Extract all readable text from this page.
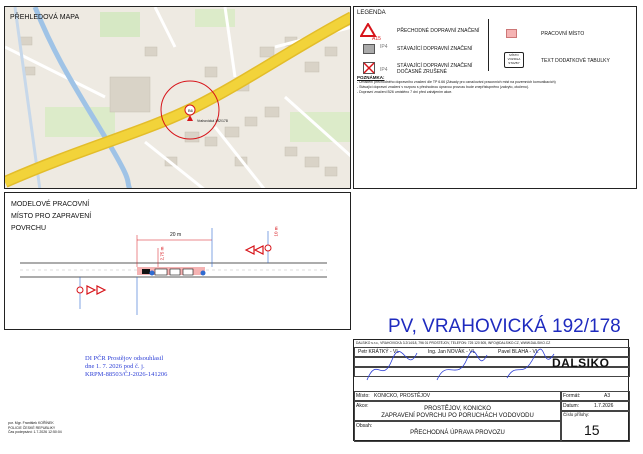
PŘEHLEDOVÁ MAPA
B6
Vrahovická 192/178
LEGENDA
A15
PŘECHODNÉ DOPRAVNÍ ZNAČENÍ
STÁVAJÍCÍ DOPRAVNÍ ZNAČENÍ
IP4
IP4
STÁVAJÍCÍ DOPRAVNÍ ZNAČENÍ DOČASNĚ ZRUŠENÉ
PRACOVNÍ MÍSTO
MÍSTO VOZIDLA STAVBY	TEXT DODATKOVÉ TABULKY
POZNÁMKA:
- Umístění přechodného dopravního značení dle TP 6.66 (Zásady pro označování pracovních míst na pozemních komunikacích)
- Stávající dopravní značení v rozporu s přechodnou úpravou provozu bude znepřístupněno (zakryto, otočeno).
- Dopravní značení B26 umístěno 7 dní před zahájením akce.
MODELOVÉ PRACOVNÍ
MÍSTO PRO ZAPRAVENÍ
POVRCHU
20 m
2,75 m
10 m
PV, VRAHOVICKÁ 192/178
DI PČR Prostějov odsouhlasil
dne 1. 7. 2026 pod č. j.
KRPM-88503/ČJ-2026-141206
por. Mgr. František KOŘÍNEK
POLICIE ČESKÉ REPUBLIKY
Čas podepsání: 1.7.2026 12:50:04
DALSIKO s.r.o., VRAHOVICKÁ 3.2/14/18, 796 01 PROSTĚJOV, TELEFON: 725 120 505, INFO@DALSIKO.CZ, WWW.DALSIKO.CZ
Petr KRÁTKÝ - VL	Ing. Jan NOVÁK - VL	Pavel BLAHA - VL
DALSIKO
Místo: KONICKO, PROSTĚJOV	Formát:	A3
Akce:	PROSTĚJOV, KONICKO
ZAPRAVENÍ POVRCHU PO PORUCHÁCH VODOVODU
Datum:	1.7.2026
Číslo přílohy:
15
Obsah:
PŘECHODNÁ ÚPRAVA PROVOZU
